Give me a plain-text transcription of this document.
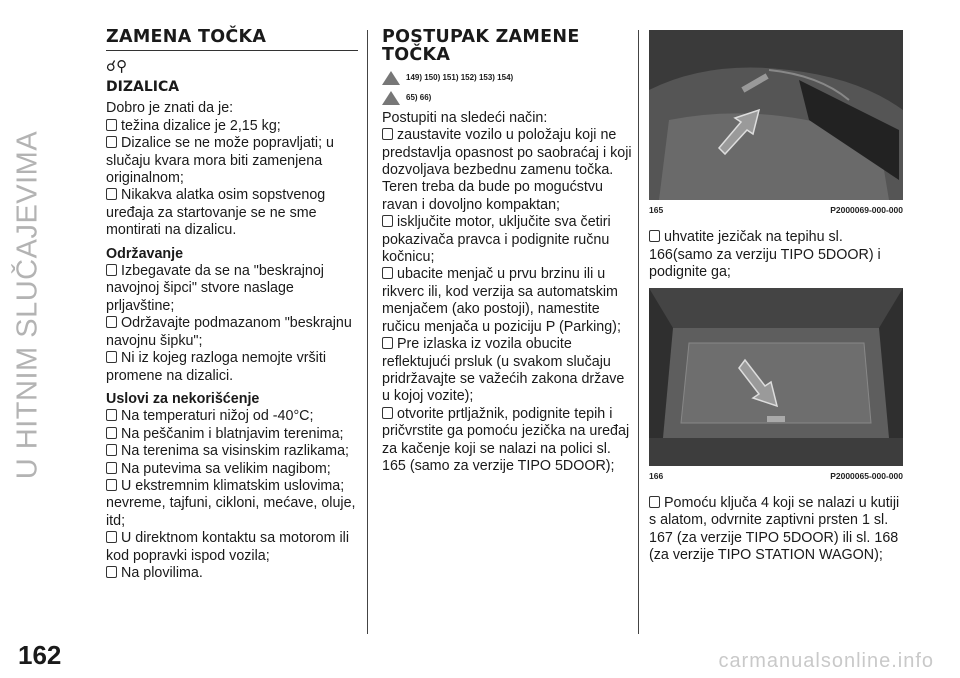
U HITNIM SLUČAJEVIMA
162	carmanualsonline.info
ZAMENA TOČKA
☌⚲
DIZALICA

Dobro je znati da je:

težina dizalice je 2,15 kg;

Dizalice se ne može popravljati; u slučaju kvara mora biti zamenjena originalnom;

Nikakva alatka osim sopstvenog uređaja za startovanje se ne sme montirati na dizalicu.

Održavanje

Izbegavate da se na "beskrajnoj navojnoj šipci" stvore naslage prljavštine;

Održavajte podmazanom "beskrajnu navojnu šipku";

Ni iz kojeg razloga nemojte vršiti promene na dizalici.

Uslovi za nekorišćenje

Na temperaturi nižoj od -40°C;

Na peščanim i blatnjavim terenima;

Na terenima sa visinskim razlikama;

Na putevima sa velikim nagibom;

U ekstremnim klimatskim uslovima; nevreme, tajfuni, cikloni, mećave, oluje, itd;

U direktnom kontaktu sa motorom ili kod popravki ispod vozila;

Na plovilima.

POSTUPAK ZAMENE TOČKA
149) 150) 151) 152) 153) 154)
65) 66)

Postupiti na sledeći način:

zaustavite vozilo u položaju koji ne predstavlja opasnost po saobraćaj i koji dozvoljava bezbednu zamenu točka. Teren treba da bude po mogućstvu ravan i dovoljno kompaktan;

isključite motor, uključite sva četiri pokazivača pravca i podignite ručnu kočnicu;

ubacite menjač u prvu brzinu ili u rikverc ili, kod verzija sa automatskim menjačem (ako postoji), namestite ručicu menjača u poziciju P (Parking);

Pre izlaska iz vozila obucite reflektujući prsluk (u svakom slučaju pridržavajte se važećih zakona države u kojoj vozite);

otvorite prtljažnik, podignite tepih i pričvrstite ga pomoću jezička na uređaj za kačenje koji se nalazi na polici sl. 165 (samo za verzije TIPO 5DOOR);

165	P2000069-000-000

uhvatite jezičak na tepihu sl. 166(samo za verziju TIPO 5DOOR) i podignite ga;

166	P2000065-000-000

Pomoću ključa 4 koji se nalazi u kutiji s alatom, odvrnite zaptivni prsten 1 sl. 167 (za verzije TIPO 5DOOR) ili sl. 168 (za verzije TIPO STATION WAGON);
